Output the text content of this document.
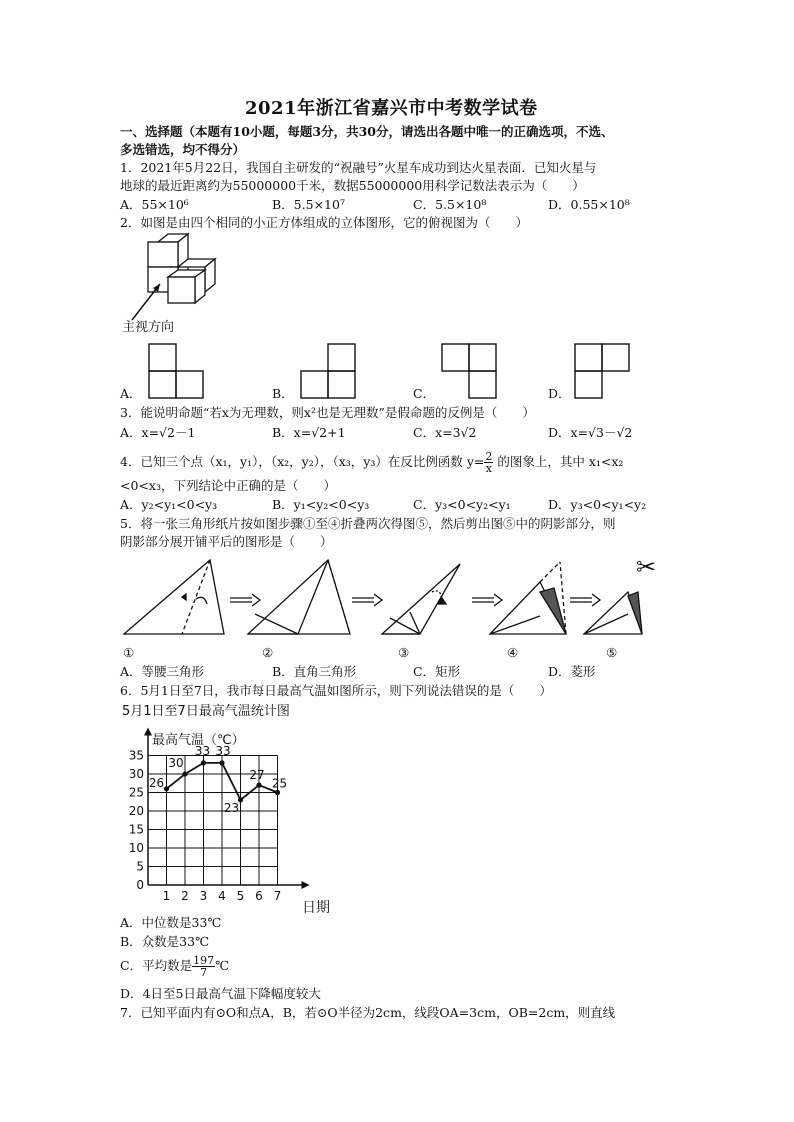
2021年浙江省嘉兴市中考数学试卷
一、选择题（本题有10小题，每题3分，共30分，请选出各题中唯一的正确选项，不选、
多选错选，均不得分）
1．2021年5月22日，我国自主研发的“祝融号”火星车成功到达火星表面．已知火星与
地球的最近距离约为55000000千米，数据55000000用科学记数法表示为（　　）
A．55×10⁶	B．5.5×10⁷	C．5.5×10⁸	D．0.55×10⁸
2．如图是由四个相同的小正方体组成的立体图形，它的俯视图为（　　）
主视方向
A．	B．	C．	D．
3．能说明命题“若x为无理数，则x²也是无理数”是假命题的反例是（　　）
A．x=√2－1	B．x=√2+1	C．x=3√2	D．x=√3－√2
4．已知三个点（x₁，y₁），（x₂，y₂），（x₃，y₃）在反比例函数 $y= \frac{2}{x}$ 的图象上，其中 x₁<x₂
<0<x₃，下列结论中正确的是（　　）
A．y₂<y₁<0<y₃	B．y₁<y₂<0<y₃	C．y₃<0<y₂<y₁	D．y₃<0<y₁<y₂
5．将一张三角形纸片按如图步骤①至④折叠两次得图⑤，然后剪出图⑤中的阴影部分，则
阴影部分展开铺平后的图形是（　　）
✂
①	②	③	④	⑤
A．等腰三角形	B．直角三角形	C．矩形	D．菱形
6．5月1日至7日，我市每日最高气温如图所示，则下列说法错误的是（　　）
5月1日至7日最高气温统计图
0
5
10
15
20
25
30
35
1 2 3 4 5 6 7
26
30
33 33
23
27
25
最高气温（℃）
日期
A．中位数是33℃
B．众数是33℃
C．平均数是 $\frac{197}{7}$ ℃
D．4日至5日最高气温下降幅度较大
7．已知平面内有⊙O和点A，B，若⊙O半径为2cm，线段OA=3cm，OB=2cm，则直线
